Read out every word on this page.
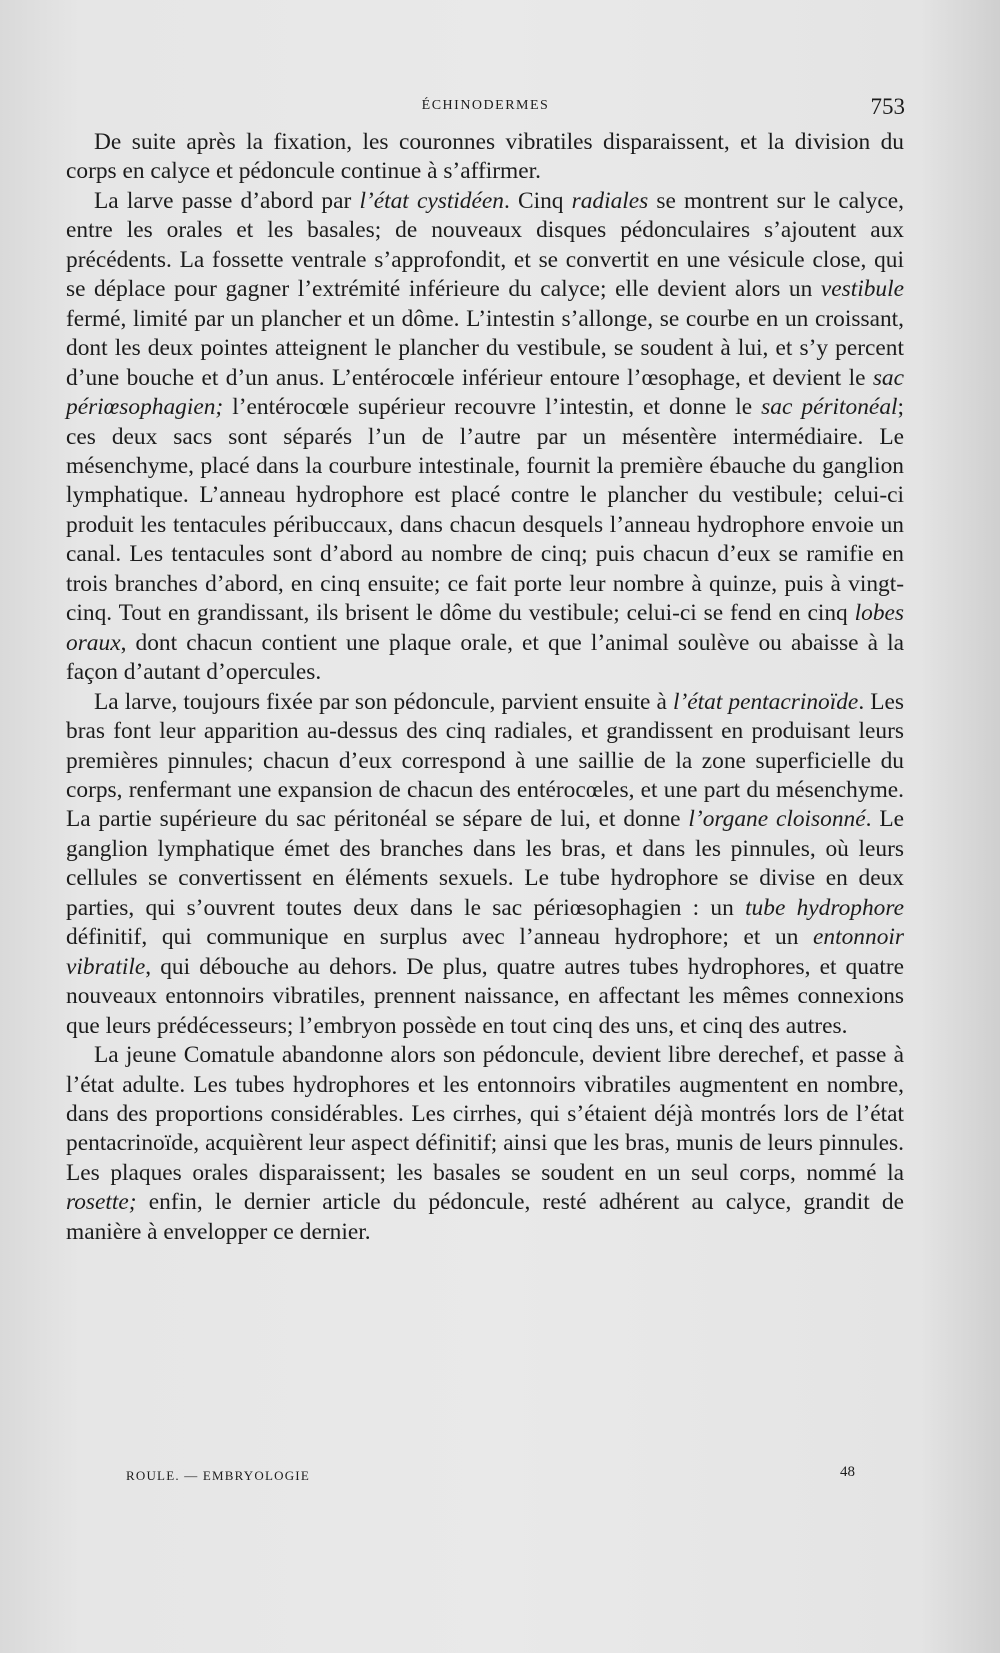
ÉCHINODERMES	753

De suite après la fixation, les couronnes vibratiles disparaissent, et la division du corps en calyce et pédoncule continue à s’affirmer.

La larve passe d’abord par l’état cystidéen. Cinq radiales se montrent sur le calyce, entre les orales et les basales; de nouveaux disques pédonculaires s’ajoutent aux précédents. La fossette ventrale s’approfondit, et se convertit en une vésicule close, qui se déplace pour gagner l’extrémité inférieure du calyce; elle devient alors un vestibule fermé, limité par un plancher et un dôme. L’intestin s’allonge, se courbe en un croissant, dont les deux pointes atteignent le plancher du vestibule, se soudent à lui, et s’y percent d’une bouche et d’un anus. L’entérocœle inférieur entoure l’œsophage, et devient le sac périœsophagien; l’entérocœle supérieur recouvre l’intestin, et donne le sac péritonéal; ces deux sacs sont séparés l’un de l’autre par un mésentère intermédiaire. Le mésenchyme, placé dans la courbure intestinale, fournit la première ébauche du ganglion lymphatique. L’anneau hydrophore est placé contre le plancher du vestibule; celui-ci produit les tentacules péribuccaux, dans chacun desquels l’anneau hydrophore envoie un canal. Les tentacules sont d’abord au nombre de cinq; puis chacun d’eux se ramifie en trois branches d’abord, en cinq ensuite; ce fait porte leur nombre à quinze, puis à vingt-cinq. Tout en grandissant, ils brisent le dôme du vestibule; celui-ci se fend en cinq lobes oraux, dont chacun contient une plaque orale, et que l’animal soulève ou abaisse à la façon d’autant d’opercules.

La larve, toujours fixée par son pédoncule, parvient ensuite à l’état pentacrinoïde. Les bras font leur apparition au-dessus des cinq radiales, et grandissent en produisant leurs premières pinnules; chacun d’eux correspond à une saillie de la zone superficielle du corps, renfermant une expansion de chacun des entérocœles, et une part du mésenchyme. La partie supérieure du sac péritonéal se sépare de lui, et donne l’organe cloisonné. Le ganglion lymphatique émet des branches dans les bras, et dans les pinnules, où leurs cellules se convertissent en éléments sexuels. Le tube hydrophore se divise en deux parties, qui s’ouvrent toutes deux dans le sac périœsophagien : un tube hydrophore définitif, qui communique en surplus avec l’anneau hydrophore; et un entonnoir vibratile, qui débouche au dehors. De plus, quatre autres tubes hydrophores, et quatre nouveaux entonnoirs vibratiles, prennent naissance, en affectant les mêmes connexions que leurs prédécesseurs; l’embryon possède en tout cinq des uns, et cinq des autres.

La jeune Comatule abandonne alors son pédoncule, devient libre derechef, et passe à l’état adulte. Les tubes hydrophores et les entonnoirs vibratiles augmentent en nombre, dans des proportions considérables. Les cirrhes, qui s’étaient déjà montrés lors de l’état pentacrinoïde, acquièrent leur aspect définitif; ainsi que les bras, munis de leurs pinnules. Les plaques orales disparaissent; les basales se soudent en un seul corps, nommé la rosette; enfin, le dernier article du pédoncule, resté adhérent au calyce, grandit de manière à envelopper ce dernier.

ROULE. — EMBRYOLOGIE	48
